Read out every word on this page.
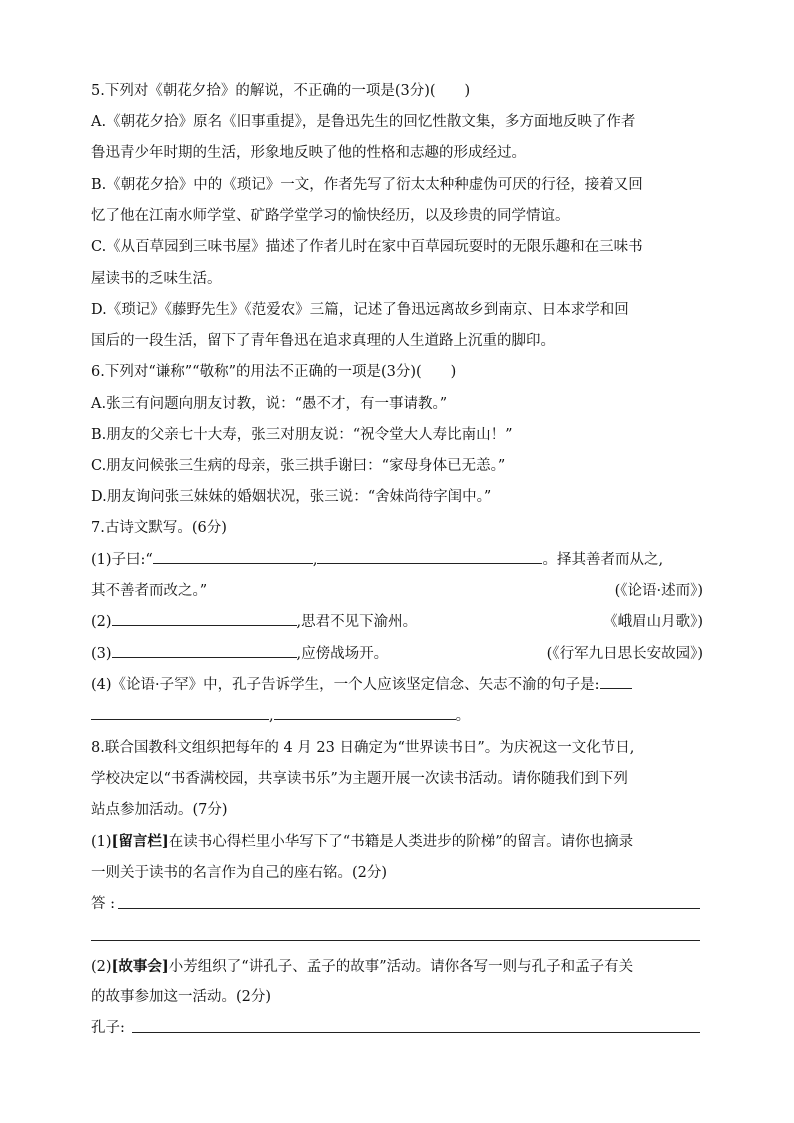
5.下列对《朝花夕拾》的解说，不正确的一项是(3分)(　　)
A.《朝花夕拾》原名《旧事重提》，是鲁迅先生的回忆性散文集，多方面地反映了作者
鲁迅青少年时期的生活，形象地反映了他的性格和志趣的形成经过。
B.《朝花夕拾》中的《琐记》一文，作者先写了衍太太种种虚伪可厌的行径，接着又回
忆了他在江南水师学堂、矿路学堂学习的愉快经历，以及珍贵的同学情谊。
C.《从百草园到三味书屋》描述了作者儿时在家中百草园玩耍时的无限乐趣和在三味书
屋读书的乏味生活。
D.《琐记》《藤野先生》《范爱农》三篇，记述了鲁迅远离故乡到南京、日本求学和回
国后的一段生活，留下了青年鲁迅在追求真理的人生道路上沉重的脚印。
6.下列对“谦称”“敬称”的用法不正确的一项是(3分)(　　)
A.张三有问题向朋友讨教，说：“愚不才，有一事请教。”
B.朋友的父亲七十大寿，张三对朋友说：“祝令堂大人寿比南山！”
C.朋友问候张三生病的母亲，张三拱手谢曰：“家母身体已无恙。”
D.朋友询问张三妹妹的婚姻状况，张三说：“舍妹尚待字闺中。”
7.古诗文默写。(6分)
(1)子曰:“	,	。择其善者而从之,
其不善者而改之。”	(《论语·述而》)
(2)	,思君不见下渝州。	《峨眉山月歌》)
(3)	,应傍战场开。	(《行军九日思长安故园》)
(4)《论语·子罕》中，孔子告诉学生，一个人应该坚定信念、矢志不渝的句子是:
,	。
8.联合国教科文组织把每年的 4 月 23 日确定为“世界读书日”。为庆祝这一文化节日,
学校决定以“书香满校园，共享读书乐”为主题开展一次读书活动。请你随我们到下列
站点参加活动。(7分)
(1)[留言栏]在读书心得栏里小华写下了“书籍是人类进步的阶梯”的留言。请你也摘录
一则关于读书的名言作为自己的座右铭。(2分)
答 :
(2)[故事会]小芳组织了“讲孔子、孟子的故事”活动。请你各写一则与孔子和孟子有关
的故事参加这一活动。(2分)
孔子:
